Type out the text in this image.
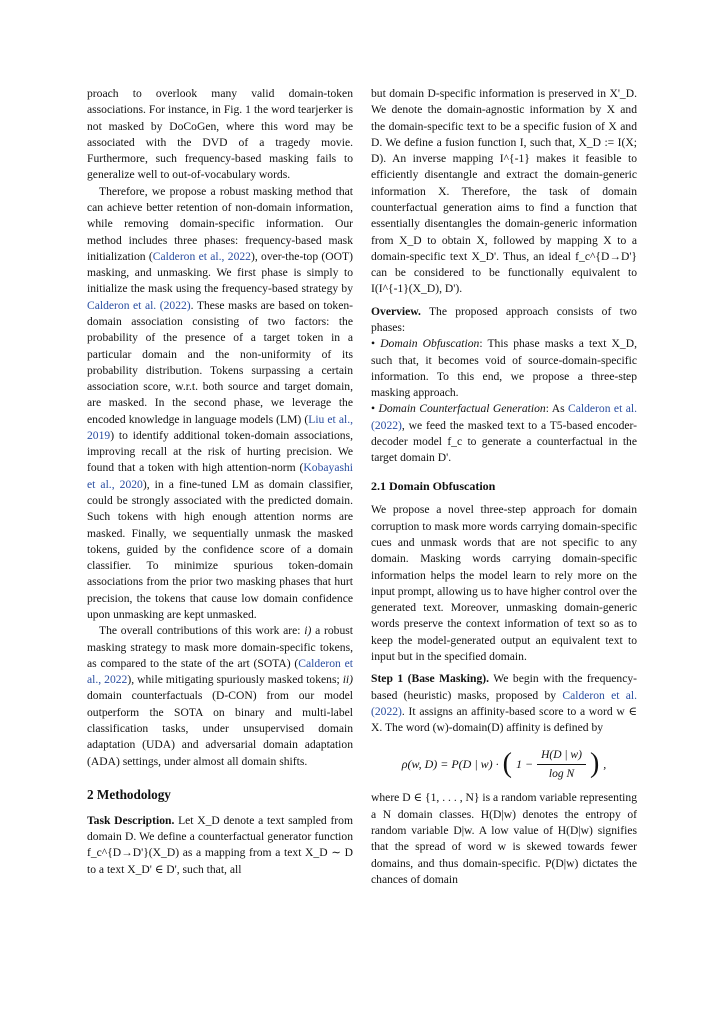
proach to overlook many valid domain-token associations. For instance, in Fig. 1 the word tearjerker is not masked by DoCoGen, where this word may be associated with the DVD of a tragedy movie. Furthermore, such frequency-based masking fails to generalize well to out-of-vocabulary words.

Therefore, we propose a robust masking method that can achieve better retention of non-domain information, while removing domain-specific information. Our method includes three phases: frequency-based mask initialization (Calderon et al., 2022), over-the-top (OOT) masking, and unmasking. We first phase is simply to initialize the mask using the frequency-based strategy by Calderon et al. (2022). These masks are based on token-domain association consisting of two factors: the probability of the presence of a target token in a particular domain and the non-uniformity of its probability distribution. Tokens surpassing a certain association score, w.r.t. both source and target domain, are masked. In the second phase, we leverage the encoded knowledge in language models (LM) (Liu et al., 2019) to identify additional token-domain associations, improving recall at the risk of hurting precision. We found that a token with high attention-norm (Kobayashi et al., 2020), in a fine-tuned LM as domain classifier, could be strongly associated with the predicted domain. Such tokens with high enough attention norms are masked. Finally, we sequentially unmask the masked tokens, guided by the confidence score of a domain classifier. To minimize spurious token-domain associations from the prior two masking phases that hurt precision, the tokens that cause low domain confidence upon unmasking are kept unmasked.

The overall contributions of this work are: i) a robust masking strategy to mask more domain-specific tokens, as compared to the state of the art (SOTA) (Calderon et al., 2022), while mitigating spuriously masked tokens; ii) domain counterfactuals (D-CON) from our model outperform the SOTA on binary and multi-label classification tasks, under unsupervised domain adaptation (UDA) and adversarial domain adaptation (ADA) settings, under almost all domain shifts.

2 Methodology

Task Description. Let X_D denote a text sampled from domain D. We define a counterfactual generator function f_c^{D→D'}(X_D) as a mapping from a text X_D ∼ D to a text X_D' ∈ D', such that, all

but domain D-specific information is preserved in X'_D. We denote the domain-agnostic information by X and the domain-specific text to be a specific fusion of X and D. We define a fusion function I, such that, X_D := I(X; D). An inverse mapping I^{-1} makes it feasible to efficiently disentangle and extract the domain-generic information X. Therefore, the task of domain counterfactual generation aims to find a function that essentially disentangles the domain-generic information from X_D to obtain X, followed by mapping X to a domain-specific text X_D'. Thus, an ideal f_c^{D→D'} can be considered to be functionally equivalent to I(I^{-1}(X_D), D').

Overview. The proposed approach consists of two phases:

• Domain Obfuscation: This phase masks a text X_D, such that, it becomes void of source-domain-specific information. To this end, we propose a three-step masking approach.

• Domain Counterfactual Generation: As Calderon et al. (2022), we feed the masked text to a T5-based encoder-decoder model f_c to generate a counterfactual in the target domain D'.

2.1 Domain Obfuscation

We propose a novel three-step approach for domain corruption to mask more words carrying domain-specific cues and unmask words that are not specific to any domain. Masking words carrying domain-specific information helps the model learn to rely more on the input prompt, allowing us to have higher control over the generated text. Moreover, unmasking domain-generic words preserve the context information of text so as to keep the model-generated output an equivalent text to input but in the specified domain.

Step 1 (Base Masking). We begin with the frequency-based (heuristic) masks, proposed by Calderon et al. (2022). It assigns an affinity-based score to a word w ∈ X. The word (w)-domain(D) affinity is defined by

ρ(w, D) = P(D | w) · ( $1 - \frac{H(D | w)}{\text{log N}}$ ) ,

where D ∈ {1, . . . , N} is a random variable representing a N domain classes. H(D|w) denotes the entropy of random variable D|w. A low value of H(D|w) signifies that the spread of word w is skewed towards fewer domains, and thus domain-specific. P(D|w) dictates the chances of domain
